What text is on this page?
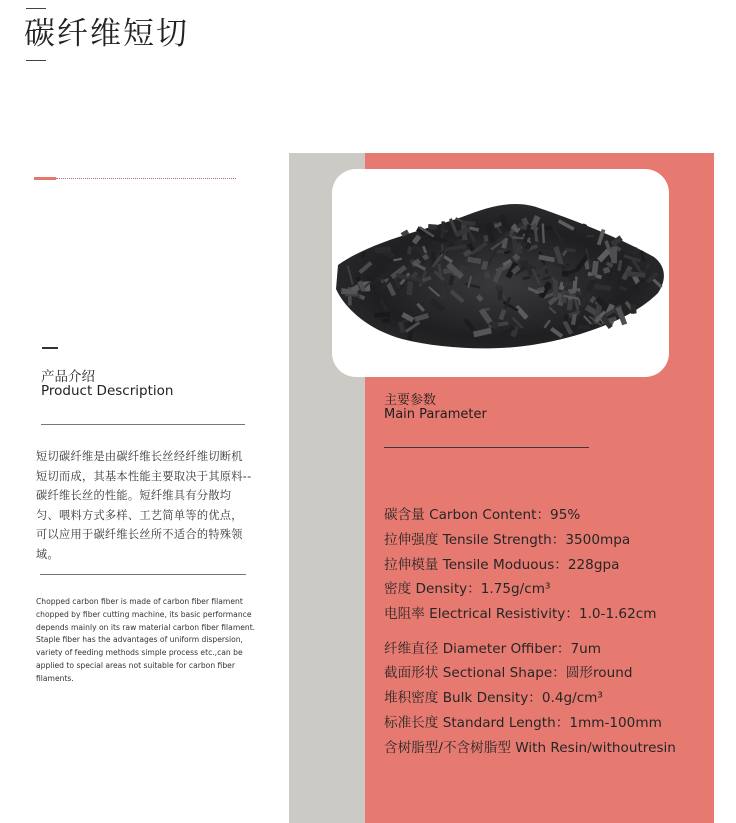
碳纤维短切
产品介绍
Product Description
短切碳纤维是由碳纤维长丝经纤维切断机短切而成，其基本性能主要取决于其原料--碳纤维长丝的性能。短纤维具有分散均匀、喂料方式多样、工艺简单等的优点，可以应用于碳纤维长丝所不适合的特殊领域。
Chopped carbon fiber is made of carbon fiber filament chopped by fiber cutting machine, its basic performance depends mainly on its raw material carbon fiber filament. Staple fiber has the advantages of uniform dispersion, variety of feeding methods simple process etc.,can be applied to special areas not suitable for carbon fiber filaments.
主要参数
Main Parameter
碳含量 Carbon Content：95%
拉伸强度 Tensile Strength：3500mpa
拉伸模量 Tensile Moduous：228gpa
密度 Density：1.75g/cm³
电阻率 Electrical Resistivity：1.0-1.62cm
纤维直径 Diameter Offiber：7um
截面形状 Sectional Shape：圆形round
堆积密度 Bulk Density：0.4g/cm³
标准长度 Standard Length：1mm-100mm
含树脂型/不含树脂型 With Resin/withoutresin
